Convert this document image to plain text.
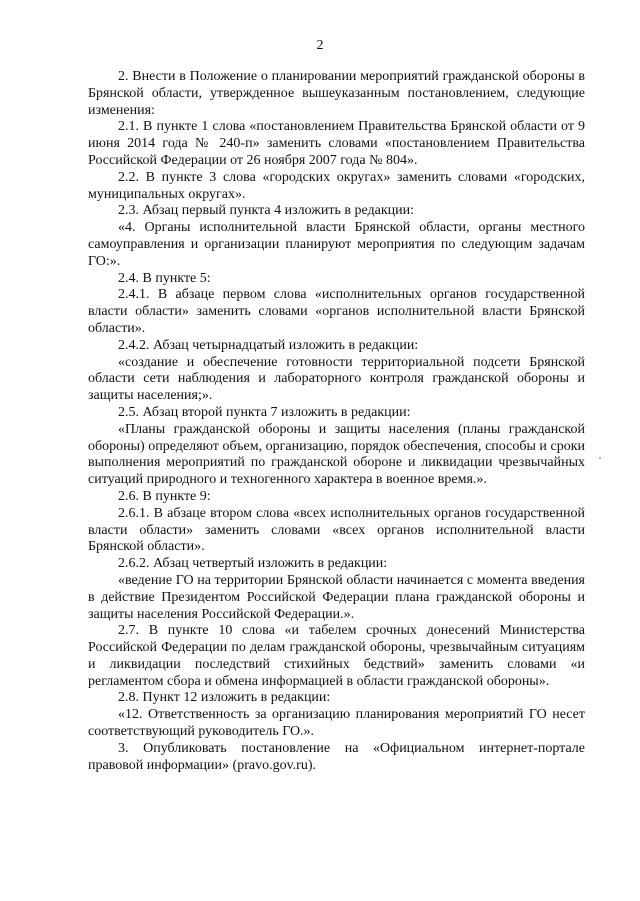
2

2. Внести в Положение о планировании мероприятий гражданской обороны в Брянской области, утвержденное вышеуказанным постановлением, следующие изменения:

2.1. В пункте 1 слова «постановлением Правительства Брянской области от 9 июня 2014 года № 240-п» заменить словами «постановлением Правительства Российской Федерации от 26 ноября 2007 года № 804».

2.2. В пункте 3 слова «городских округах» заменить словами «городских, муниципальных округах».

2.3. Абзац первый пункта 4 изложить в редакции:

«4. Органы исполнительной власти Брянской области, органы местного самоуправления и организации планируют мероприятия по следующим задачам ГО:».

2.4. В пункте 5:

2.4.1. В абзаце первом слова «исполнительных органов государственной власти области» заменить словами «органов исполнительной власти Брянской области».

2.4.2. Абзац четырнадцатый изложить в редакции:

«создание и обеспечение готовности территориальной подсети Брянской области сети наблюдения и лабораторного контроля гражданской обороны и защиты населения;».

2.5. Абзац второй пункта 7 изложить в редакции:

«Планы гражданской обороны и защиты населения (планы гражданской обороны) определяют объем, организацию, порядок обеспечения, способы и сроки выполнения мероприятий по гражданской обороне и ликвидации чрезвычайных ситуаций природного и техногенного характера в военное время.».

2.6. В пункте 9:

2.6.1. В абзаце втором слова «всех исполнительных органов государственной власти области» заменить словами «всех органов исполнительной власти Брянской области».

2.6.2. Абзац четвертый изложить в редакции:

«ведение ГО на территории Брянской области начинается с момента введения в действие Президентом Российской Федерации плана гражданской обороны и защиты населения Российской Федерации.».

2.7. В пункте 10 слова «и табелем срочных донесений Министерства Российской Федерации по делам гражданской обороны, чрезвычайным ситуациям и ликвидации последствий стихийных бедствий» заменить словами «и регламентом сбора и обмена информацией в области гражданской обороны».

2.8. Пункт 12 изложить в редакции:

«12. Ответственность за организацию планирования мероприятий ГО несет соответствующий руководитель ГО.».

3. Опубликовать постановление на «Официальном интернет-портале правовой информации» (pravo.gov.ru).
